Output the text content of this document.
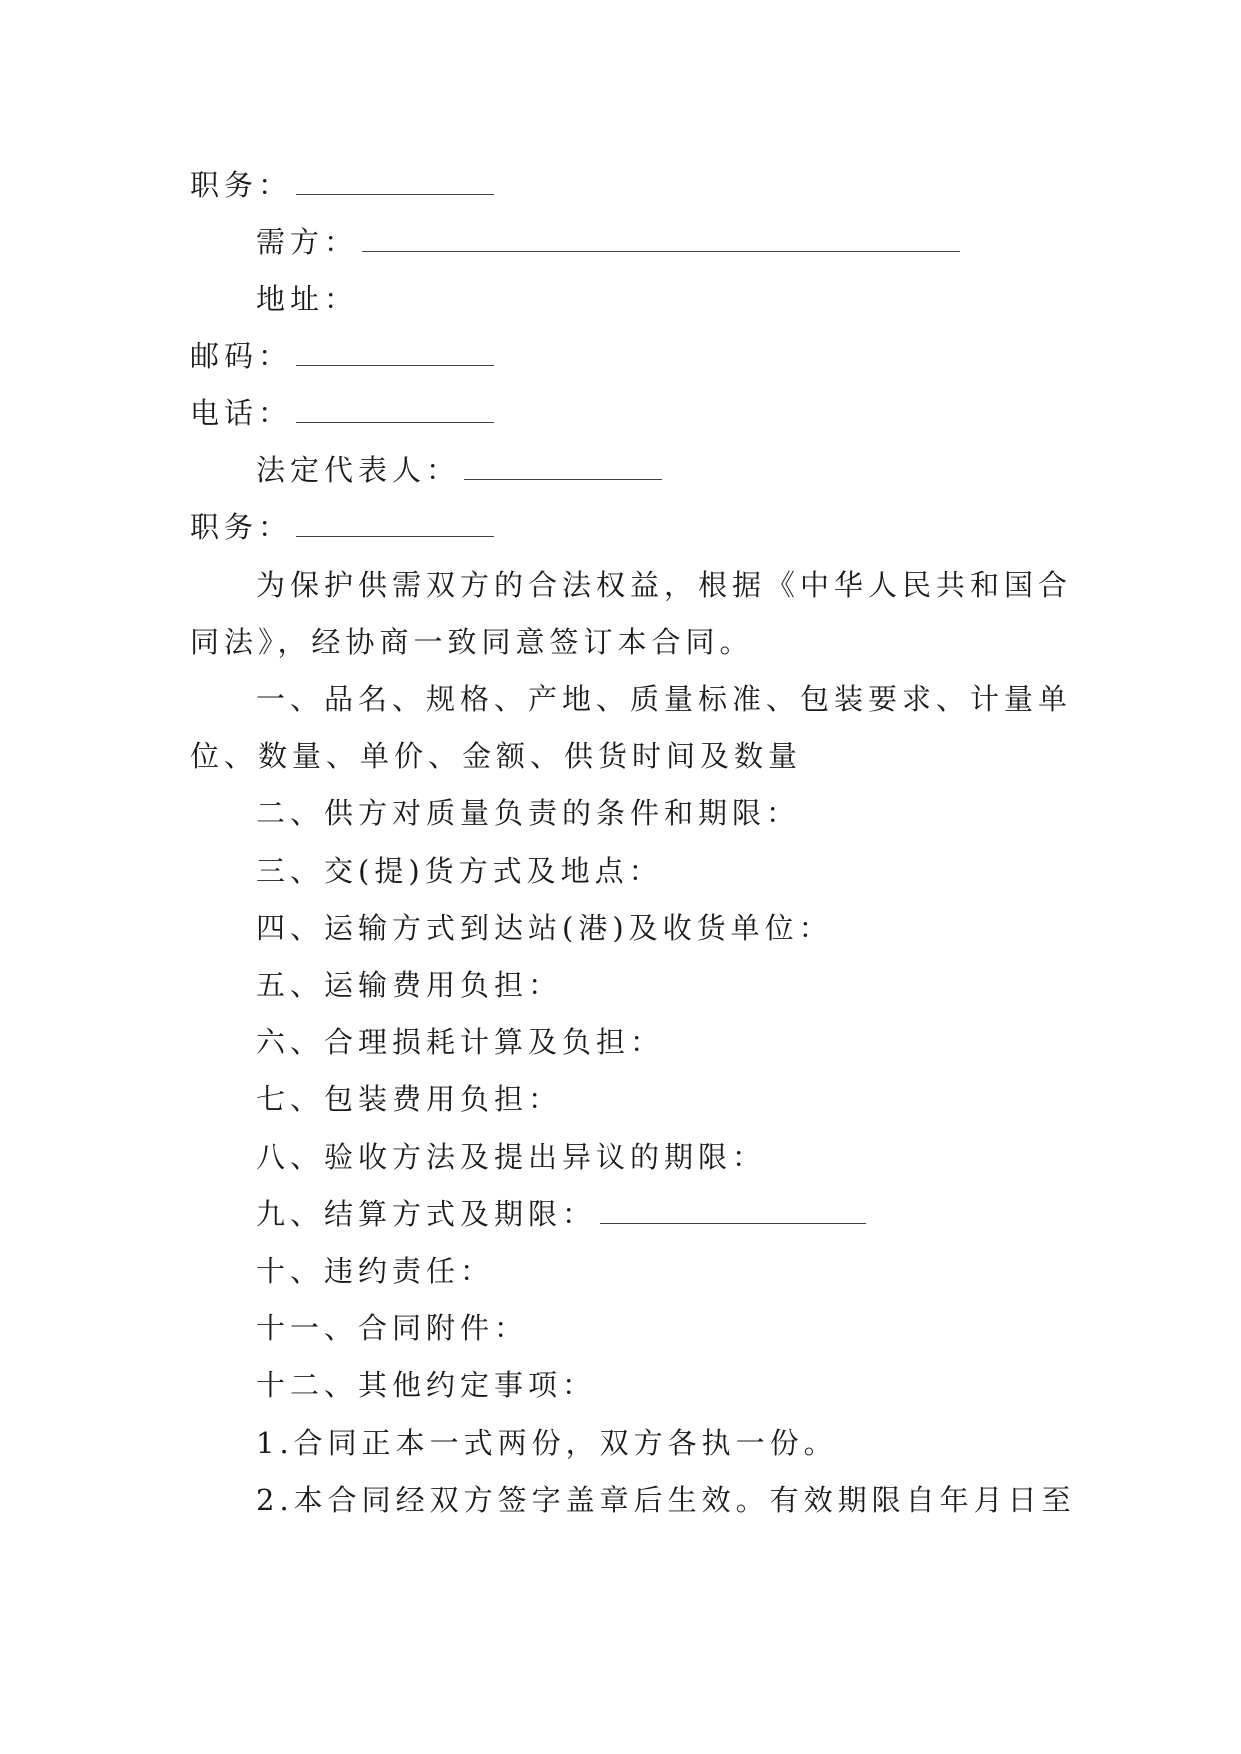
职务：
需方：
地址：
邮码：
电话：
法定代表人：
职务：
为保护供需双方的合法权益，根据《中华人民共和国合
同法》，经协商一致同意签订本合同。
一、品名、规格、产地、质量标准、包装要求、计量单
位、数量、单价、金额、供货时间及数量
二、供方对质量负责的条件和期限：
三、交(提)货方式及地点：
四、运输方式到达站(港)及收货单位：
五、运输费用负担：
六、合理损耗计算及负担：
七、包装费用负担：
八、验收方法及提出异议的期限：
九、结算方式及期限：
十、违约责任：
十一、合同附件：
十二、其他约定事项：
1.合同正本一式两份，双方各执一份。
2.本合同经双方签字盖章后生效。有效期限自年月日至
